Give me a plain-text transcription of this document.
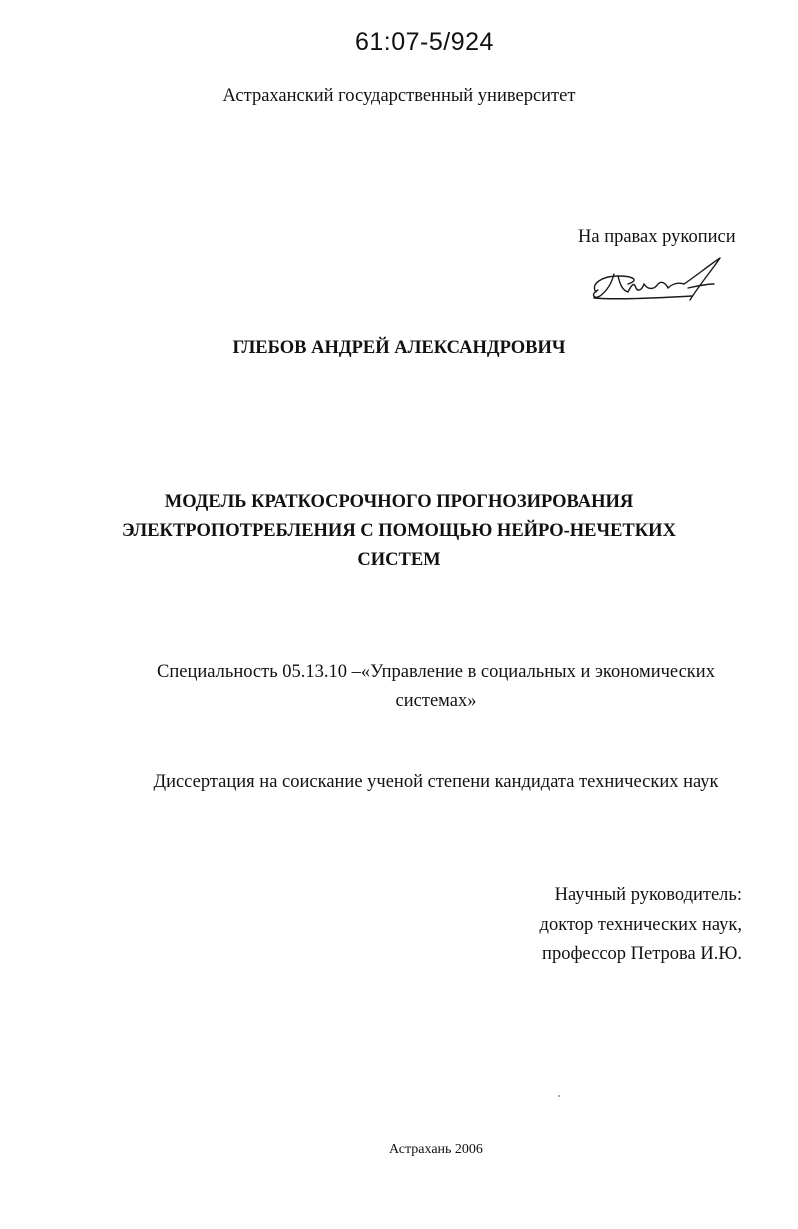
61:07-5/924
Астраханский государственный университет
На правах рукописи
ГЛЕБОВ АНДРЕЙ АЛЕКСАНДРОВИЧ
МОДЕЛЬ КРАТКОСРОЧНОГО ПРОГНОЗИРОВАНИЯ
ЭЛЕКТРОПОТРЕБЛЕНИЯ С ПОМОЩЬЮ НЕЙРО-НЕЧЕТКИХ
СИСТЕМ
Специальность 05.13.10 –«Управление в социальных и экономических
системах»
Диссертация на соискание ученой степени кандидата технических наук
Научный руководитель:
доктор технических наук,
профессор Петрова И.Ю.
Астрахань 2006
